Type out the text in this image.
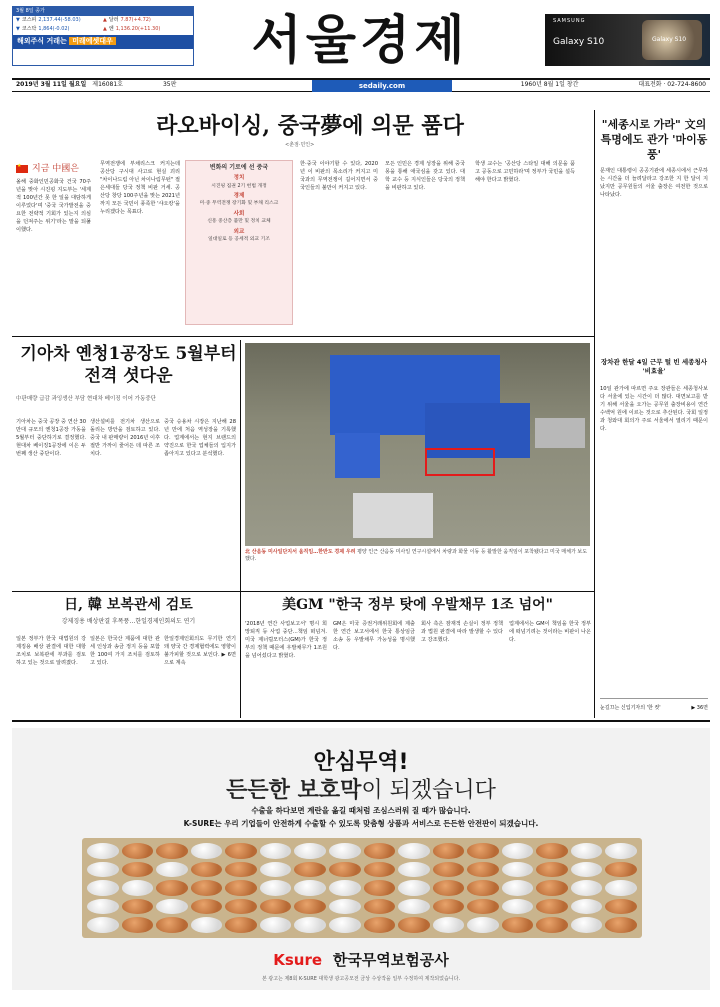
3월 8일 종가
▼ 코스피 2,137.44(-58.03)	▲ 달러 7.87(+4.72)
▼ 코스닥 1,864(-0.02)	▲ 엔 1,136.20(+11.30)
해외주식 거래는 미래에셋대우	서울경제	SAMSUNG
Galaxy S10	Galaxy S10
2019년 3월 11일 월요일 제16081호	35판	sedaily.com	1960년 8월 1일 창간	대표전화 · 02-724-8600
라오바이싱, 중국夢에 의문 품다
<춘점·민인>
★
지금 中國은
올해 중화인민공화국 건국 70주년을 맞아 시진핑 지도부는 '세계적 100년간 못 한 일을 대담하게 이루었다'며 '중국 국가발전을 중요한 전략적 기회가 있는지 의심을 던져주는 위기'라는 말을 되풀이했다.
무역전쟁에 부채리스크 커지는데 공산당 구시대 사고로 현실 괴리 "차이나드림 아닌 차이나림무턴" 절은세대들 당국 정책 비판 거세. 공산당 창당 100주년을 맞는 2021년까지 모든 국민이 풍족한 '샤오캉'을 누리겠다는 목표다.
변화의 기로에 선 중국
정치
시진핑 집권 2기 헌법 개정
경제
미·중 무역전쟁 장기화 및 부채 리스크
사회
신흥 중산층 불만 및 정치 교체
외교
일대일로 등 공세적 외교 기조
한·중국 이야기할 수 있다, 2020년 이 비판의 목소리가 커지고 미국과의 무역전쟁이 길어지면서 중국인들의 불만이 커지고 있다.
모든 인민은 경제 성장을 위해 중국몽을 통해 애국심을 갖고 있다. 대학 교수 등 지식인들은 당국의 정책을 비판하고 있다.
학생 교수는 '공산당 스타일 대해 의문을 품고 공동으로 고민하라'며 정부가 국민을 설득해야 한다고 밝혔다.
"세종시로 가라" 文의 특명에도 관가 '마이동풍'
문재인 대통령이 공공기관에 세종시에서 근무하는 시간을 더 늘려달라고 강조한 지 한 달이 지났지만 공무원들의 서울 출장은 여전한 것으로 나타났다.
장차관 한달 4일 근무 털 빈 세종청사 '비효율'
10일 관가에 따르면 주요 장관들은 세종청사보다 서울에 있는 시간이 더 많다. 대면보고를 받기 위해 서울을 오가는 공무원 출장비용이 연간 수백억 원에 이르는 것으로 추산된다. 국회 일정과 청와대 회의가 주로 서울에서 열리기 때문이다.
눈길끄는 신입기자의 '한 컷'	▶ 36면
기아차 옌청1공장도 5월부터 전격 셧다운
中판매량 급감 과잉생산 부담 현대차 베이징 이어 가동중단
기아차는 중국 공장 중 연산 30만대 규모의 옌청1공장 가동을 5월부터 중단하기로 결정했다. 현대차 베이징1공장에 이은 두 번째 생산 중단이다.
생산설비를 전기차 생산으로 돌리는 방안을 검토하고 있다. 중국 내 판매량이 2016년 이후 절반 가까이 줄어든 데 따른 조치다.
중국 승용차 시장은 지난해 28년 만에 처음 역성장을 기록했다. 업계에서는 현지 브랜드의 약진으로 한국 업체들의 입지가 좁아지고 있다고 분석했다.
北 산음동 미사일단지서 움직임…한반도 경제 우려 평양 인근 산음동 미사일 연구시설에서 차량과 화물 이동 등 활발한 움직임이 포착됐다고 미국 매체가 보도했다.
日, 韓 보복관세 검토
강제징용 배상판결 후폭풍…한일경제인회의도 연기
일본 정부가 한국 대법원의 강제징용 배상 판결에 대한 대항 조치로 보복관세 부과를 검토하고 있는 것으로 알려졌다.
일본은 한국산 제품에 대한 관세 인상과 송금 정지 등을 포함한 100여 가지 조치를 검토하고 있다.
한일경제인회의도 무기한 연기돼 양국 간 경제협력에도 영향이 불가피할 것으로 보인다. ▶ 6면으로 계속
美GM "한국 정부 탓에 우발채무 1조 넘어"
'2018년 연간 사업보고서' 명시 희망퇴직 등 사업 중단…책임 떠넘겨. 미국 제너럴모터스(GM)가 한국 정부의 정책 때문에 우발채무가 1조원을 넘어섰다고 밝혔다.
GM은 미국 증권거래위원회에 제출한 연간 보고서에서 한국 통상임금 소송 등 우발채무 가능성을 명시했다.
회사 측은 잠재적 손실이 정부 정책과 법원 판결에 따라 발생할 수 있다고 강조했다.
업계에서는 GM이 책임을 한국 정부에 떠넘기려는 것이라는 비판이 나온다.
안심무역!
든든한 보호막이 되겠습니다
수출을 하다보면 계란을 옮길 때처럼 조심스러워 질 때가 많습니다.
K-SURE는 우리 기업들이 안전하게 수출할 수 있도록 맞춤형 상품과 서비스로 든든한 안전판이 되겠습니다.
Ksure 한국무역보험공사
본 광고는 제8회 K-SURE 대학생 광고공모전 금상 수상작을 일부 수정하여 제작되었습니다.
